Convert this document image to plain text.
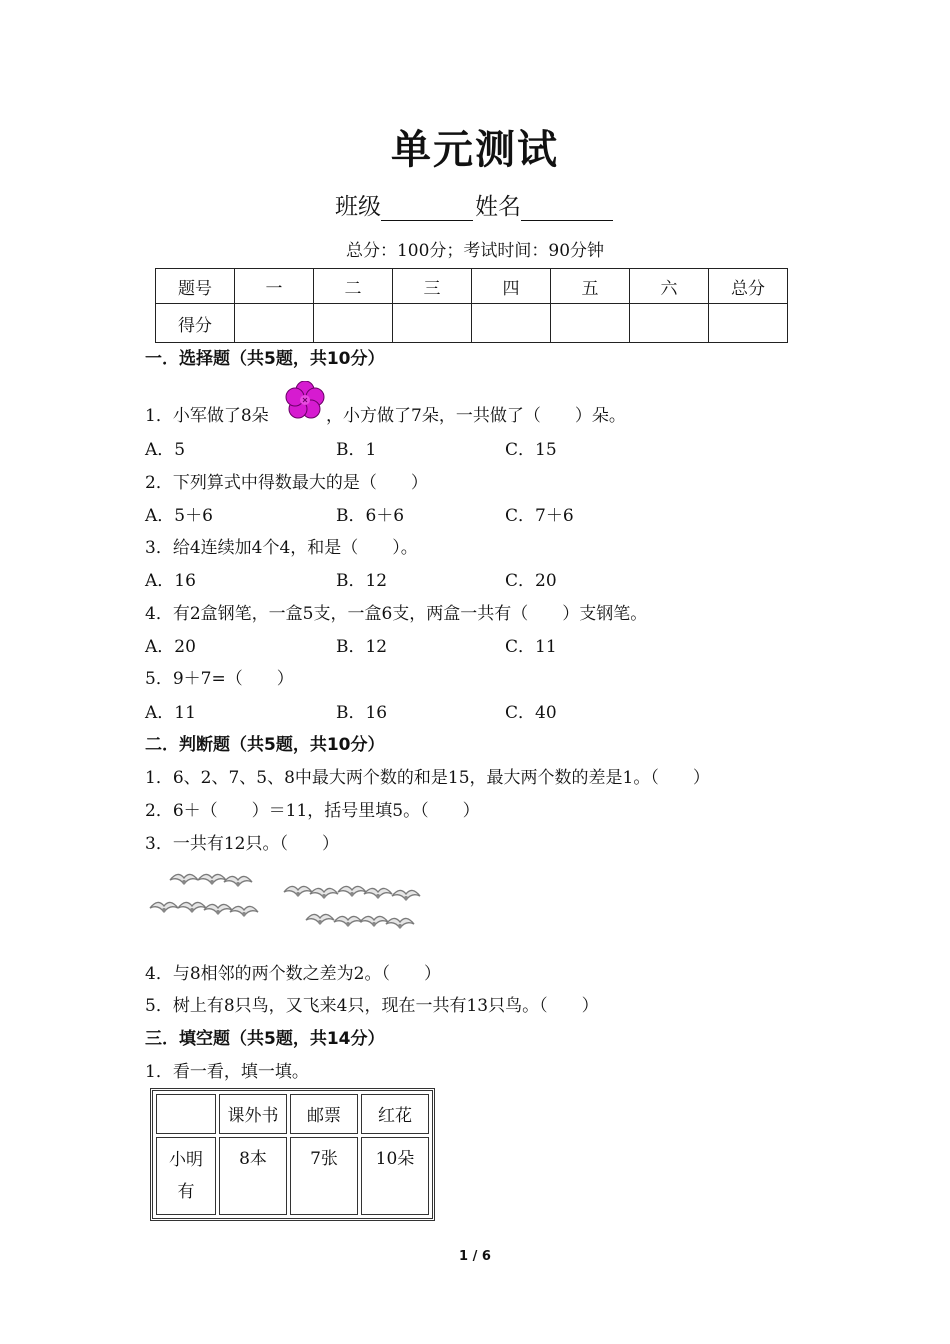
单元测试
班级	姓名
总分：100分；考试时间：90分钟
题号	一	二	三	四	五	六	总分
得分							
一．选择题（共5题，共10分）
1．小军做了8朵	，小方做了7朵，一共做了（　　）朵。
A．5	B．1	C．15
2．下列算式中得数最大的是（　　）
A．5＋6	B．6＋6	C．7＋6
3．给4连续加4个4，和是（　　）。
A．16	B．12	C．20
4．有2盒钢笔，一盒5支，一盒6支，两盒一共有（　　）支钢笔。
A．20	B．12	C．11
5．9＋7=（　　）
A．11	B．16	C．40
二．判断题（共5题，共10分）
1．6、2、7、5、8中最大两个数的和是15，最大两个数的差是1。（　　）
2．6＋（　　）＝11，括号里填5。（　　）
3．一共有12只。（　　）
4．与8相邻的两个数之差为2。（　　）
5．树上有8只鸟，又飞来4只，现在一共有13只鸟。（　　）
三．填空题（共5题，共14分）
1．看一看，填一填。
	课外书	邮票	红花
小明
有	8本	7张	10朵
1 / 6
